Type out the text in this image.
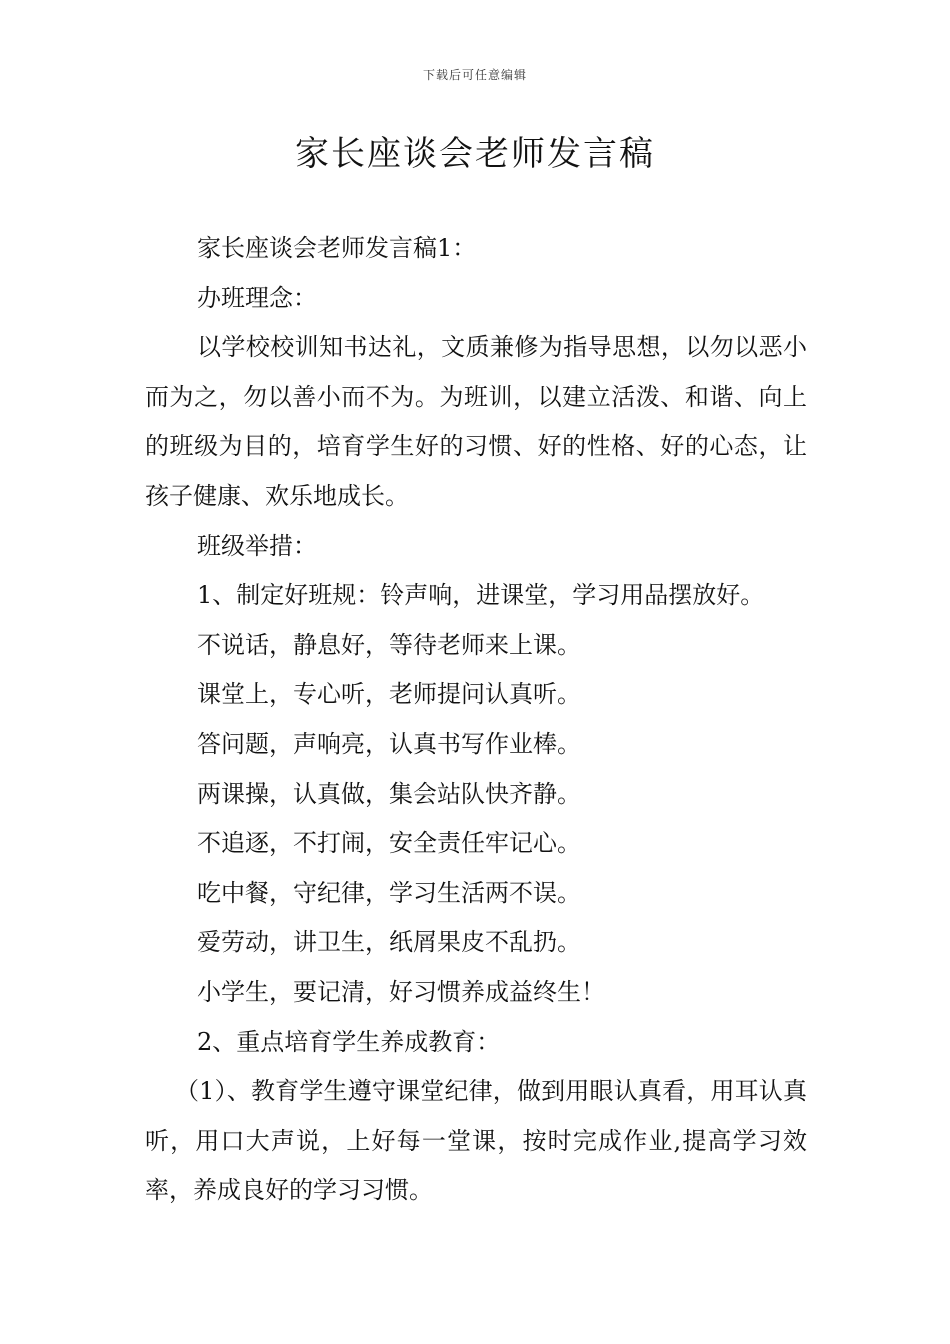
下载后可任意编辑
家长座谈会老师发言稿

家长座谈会老师发言稿1：

办班理念：

以学校校训知书达礼，文质兼修为指导思想，以勿以恶小而为之，勿以善小而不为。为班训，以建立活泼、和谐、向上的班级为目的，培育学生好的习惯、好的性格、好的心态，让孩子健康、欢乐地成长。

班级举措：

1、制定好班规：铃声响，进课堂，学习用品摆放好。

不说话，静息好，等待老师来上课。

课堂上，专心听，老师提问认真听。

答问题，声响亮，认真书写作业棒。

两课操，认真做，集会站队快齐静。

不追逐，不打闹，安全责任牢记心。

吃中餐，守纪律，学习生活两不误。

爱劳动，讲卫生，纸屑果皮不乱扔。

小学生，要记清，好习惯养成益终生！

2、重点培育学生养成教育：

（1）、教育学生遵守课堂纪律，做到用眼认真看，用耳认真听，用口大声说，上好每一堂课，按时完成作业,提高学习效率，养成良好的学习习惯。
